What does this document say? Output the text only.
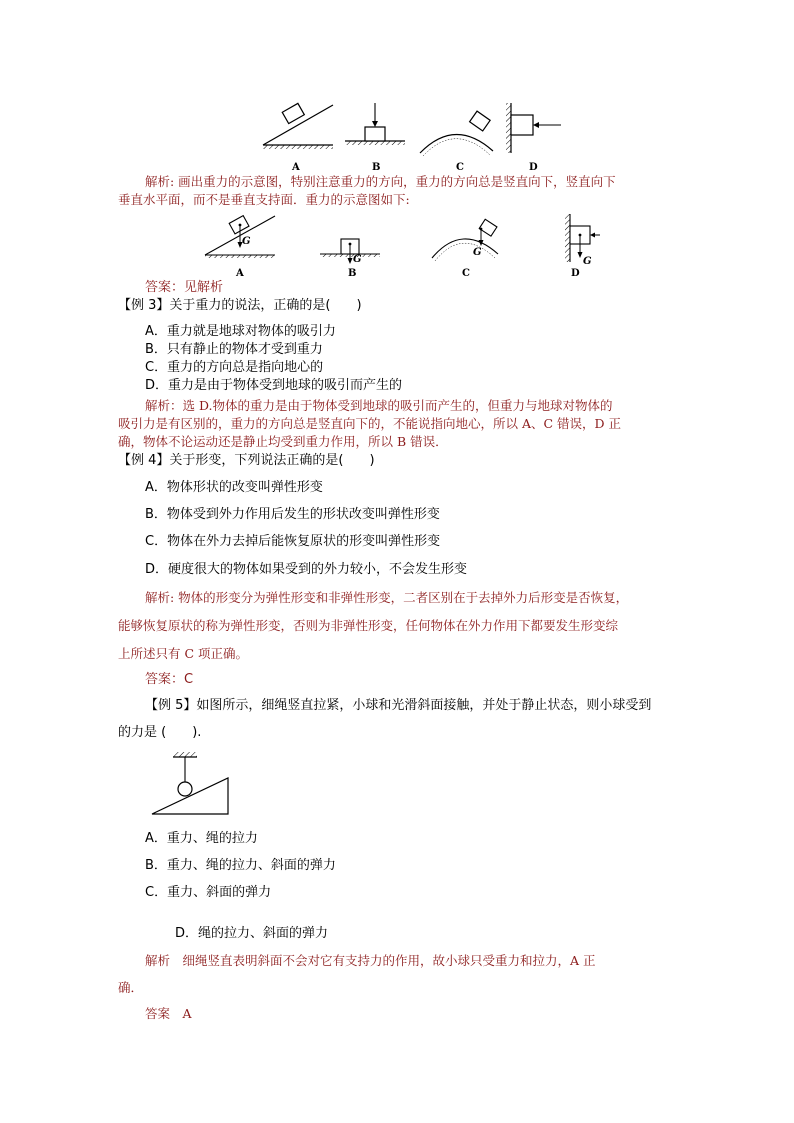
A	B	C	D
解析: 画出重力的示意图，特别注意重力的方向，重力的方向总是竖直向下，竖直向下
垂直水平面，而不是垂直支持面．重力的示意图如下:
G
G
G
G
A	B	C	D
答案：见解析
【例 3】关于重力的说法，正确的是(　　)
A．重力就是地球对物体的吸引力
B．只有静止的物体才受到重力
C．重力的方向总是指向地心的
D．重力是由于物体受到地球的吸引而产生的
解析：选 D.物体的重力是由于物体受到地球的吸引而产生的，但重力与地球对物体的
吸引力是有区别的，重力的方向总是竖直向下的，不能说指向地心，所以 A、C 错误，D 正
确，物体不论运动还是静止均受到重力作用，所以 B 错误．
【例 4】关于形变，下列说法正确的是(　　)
A．物体形状的改变叫弹性形变
B．物体受到外力作用后发生的形状改变叫弹性形变
C．物体在外力去掉后能恢复原状的形变叫弹性形变
D．硬度很大的物体如果受到的外力较小，不会发生形变
解析: 物体的形变分为弹性形变和非弹性形变，二者区别在于去掉外力后形变是否恢复，
能够恢复原状的称为弹性形变，否则为非弹性形变，任何物体在外力作用下都要发生形变综
上所述只有 C 项正确。
答案：C
【例 5】如图所示，细绳竖直拉紧，小球和光滑斜面接触，并处于静止状态，则小球受到
的力是 (　　).
A．重力、绳的拉力
B．重力、绳的拉力、斜面的弹力
C．重力、斜面的弹力
D．绳的拉力、斜面的弹力
解析　细绳竖直表明斜面不会对它有支持力的作用，故小球只受重力和拉力，A 正
确．
答案　A
